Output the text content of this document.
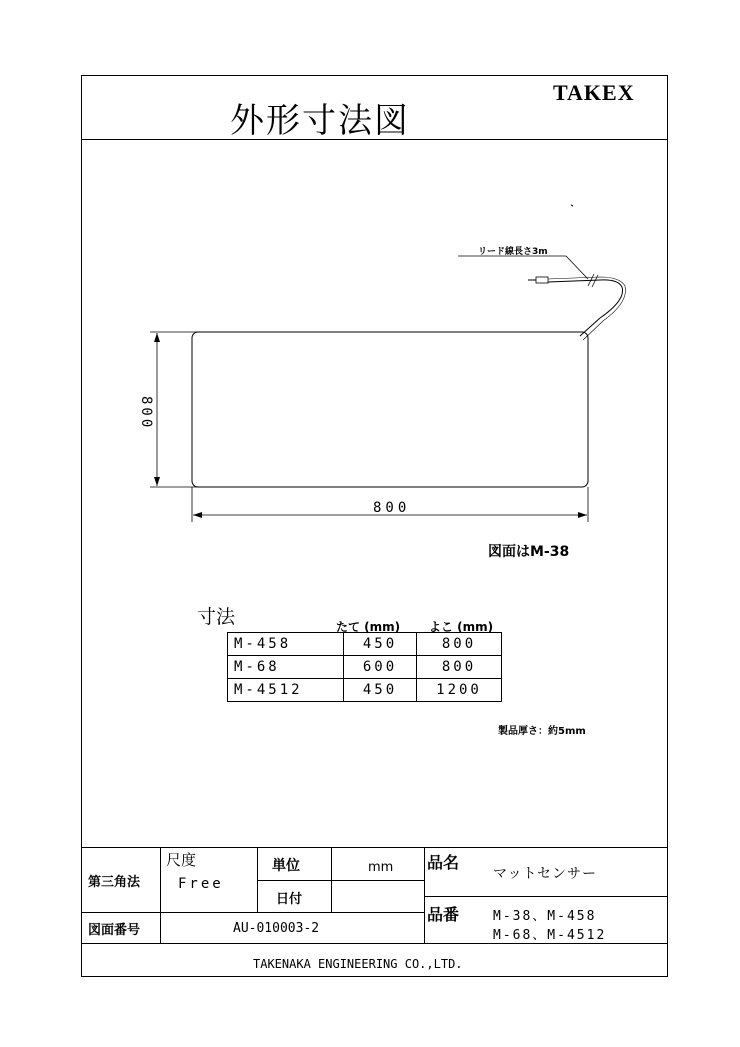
外形寸法図
TAKEX
リード線長さ3m
800
800
図面はM-38
寸法	たて (mm) よこ (mm)
M-458	450	800
M-68	600	800
M-4512	450	1200
製品厚さ：約5mm
第三角法
尺度
Free
単位	mm
日付
品名
マットセンサー
品番	M-38、M-458
M-68、M-4512
図面番号	AU-010003-2
TAKENAKA ENGINEERING CO.,LTD.
